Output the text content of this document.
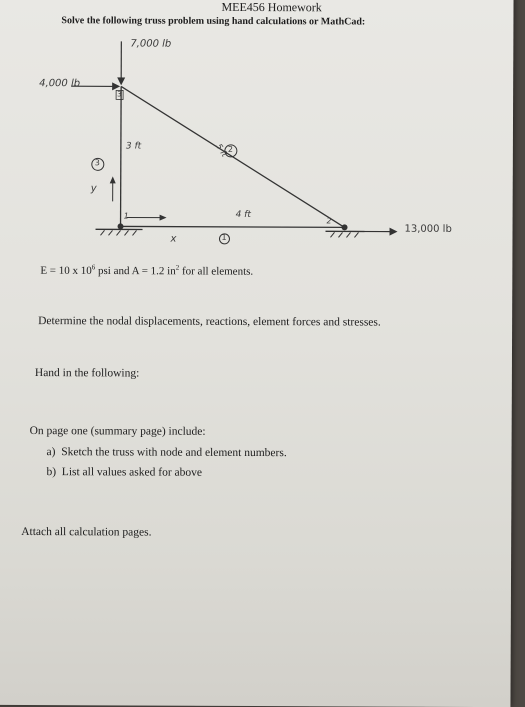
MEE456 Homework
Solve the following truss problem using hand calculations or MathCad:
7,000 lb
4,000 lb
13,000 lb
3 ft
4 ft
5 ft
1
2
3
1
2
3
x
y
E = 10 x $10^6$ psi and A = 1.2 $in^2$ for all elements.
Determine the nodal displacements, reactions, element forces and stresses.
Hand in the following:
On page one (summary page) include:
a) Sketch the truss with node and element numbers.
b) List all values asked for above
Attach all calculation pages.
